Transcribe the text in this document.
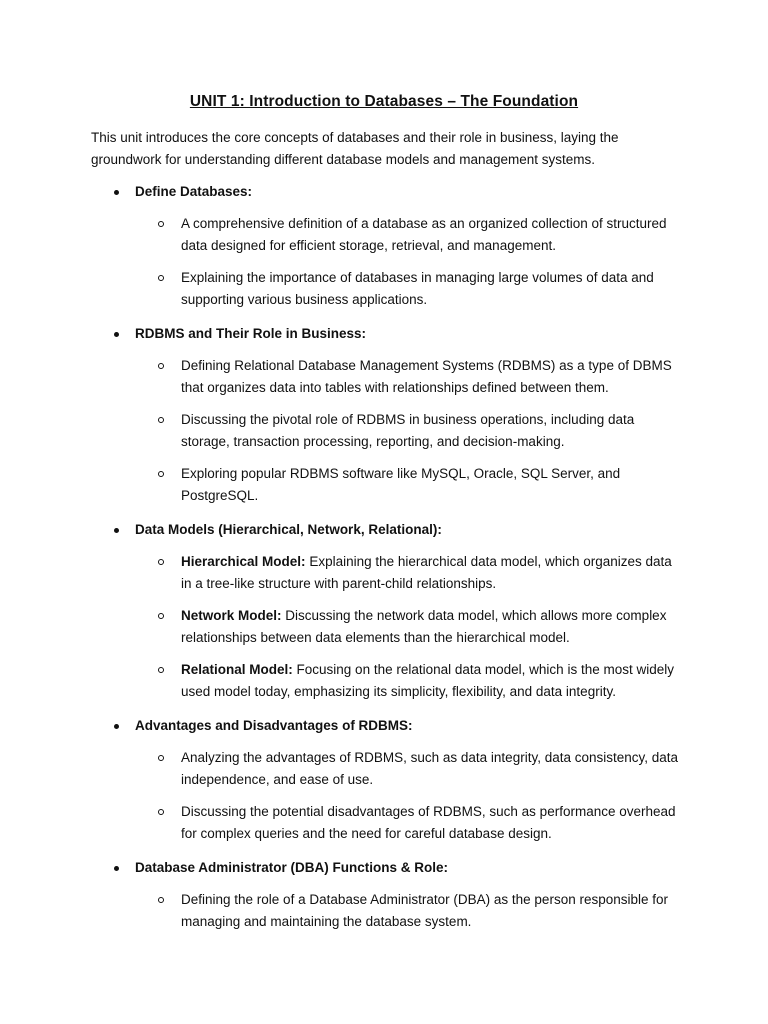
UNIT 1: Introduction to Databases – The Foundation
This unit introduces the core concepts of databases and their role in business, laying the groundwork for understanding different database models and management systems.
Define Databases:
A comprehensive definition of a database as an organized collection of structured data designed for efficient storage, retrieval, and management.
Explaining the importance of databases in managing large volumes of data and supporting various business applications.
RDBMS and Their Role in Business:
Defining Relational Database Management Systems (RDBMS) as a type of DBMS that organizes data into tables with relationships defined between them.
Discussing the pivotal role of RDBMS in business operations, including data storage, transaction processing, reporting, and decision-making.
Exploring popular RDBMS software like MySQL, Oracle, SQL Server, and PostgreSQL.
Data Models (Hierarchical, Network, Relational):
Hierarchical Model: Explaining the hierarchical data model, which organizes data in a tree-like structure with parent-child relationships.
Network Model: Discussing the network data model, which allows more complex relationships between data elements than the hierarchical model.
Relational Model: Focusing on the relational data model, which is the most widely used model today, emphasizing its simplicity, flexibility, and data integrity.
Advantages and Disadvantages of RDBMS:
Analyzing the advantages of RDBMS, such as data integrity, data consistency, data independence, and ease of use.
Discussing the potential disadvantages of RDBMS, such as performance overhead for complex queries and the need for careful database design.
Database Administrator (DBA) Functions & Role:
Defining the role of a Database Administrator (DBA) as the person responsible for managing and maintaining the database system.
